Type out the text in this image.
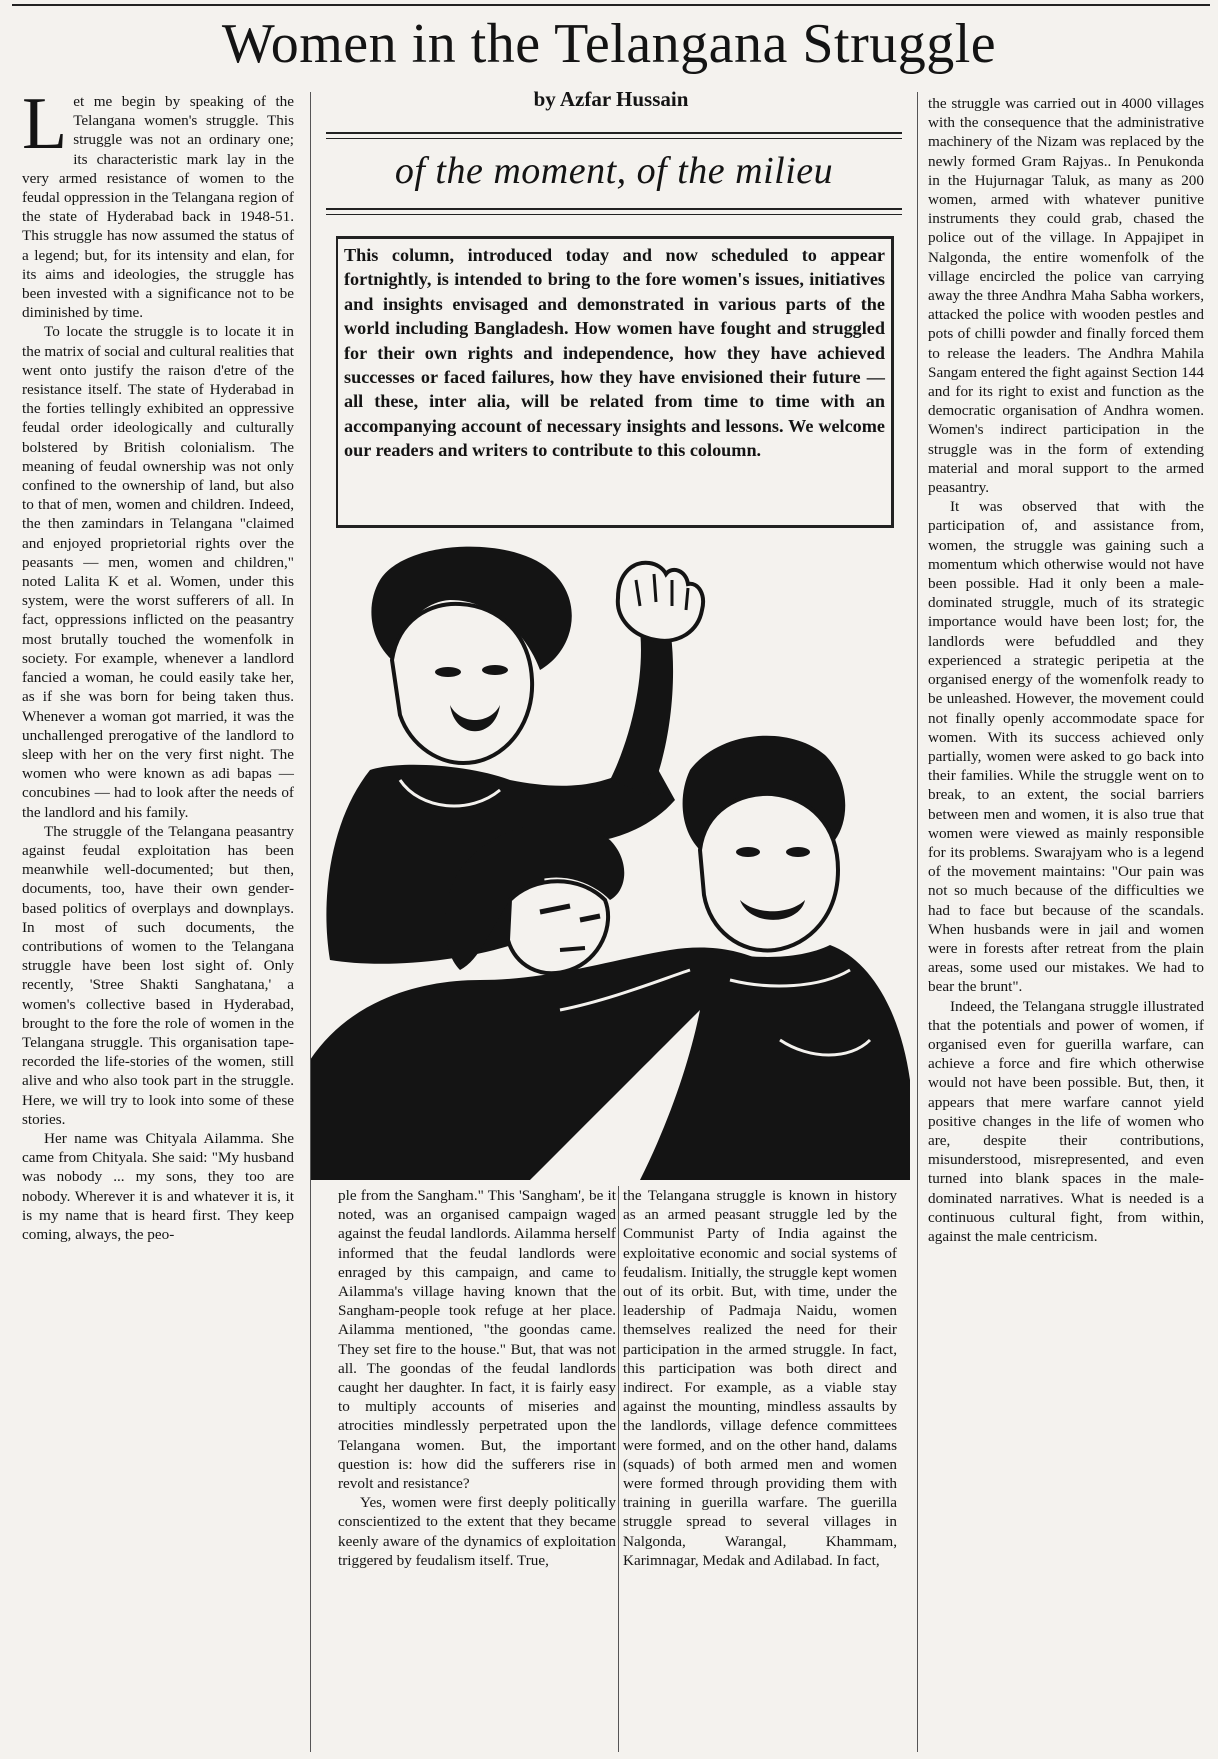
Women in the Telangana Struggle
L et me begin by speaking of the Telangana women's struggle. This struggle was not an ordinary one; its characteristic mark lay in the very armed resistance of women to the feudal oppression in the Telangana region of the state of Hyderabad back in 1948-51. This struggle has now assumed the status of a legend; but, for its intensity and elan, for its aims and ideologies, the struggle has been invested with a significance not to be diminished by time.

To locate the struggle is to locate it in the matrix of social and cultural realities that went onto justify the raison d'etre of the resistance itself. The state of Hyderabad in the forties tellingly exhibited an oppressive feudal order ideologically and culturally bolstered by British colonialism. The meaning of feudal ownership was not only confined to the ownership of land, but also to that of men, women and children. Indeed, the then zamindars in Telangana "claimed and enjoyed proprietorial rights over the peasants — men, women and children," noted Lalita K et al. Women, under this system, were the worst sufferers of all. In fact, oppressions inflicted on the peasantry most brutally touched the womenfolk in society. For example, whenever a landlord fancied a woman, he could easily take her, as if she was born for being taken thus. Whenever a woman got married, it was the unchallenged prerogative of the landlord to sleep with her on the very first night. The women who were known as adi bapas — concubines — had to look after the needs of the landlord and his family.

The struggle of the Telangana peasantry against feudal exploitation has been meanwhile well-documented; but then, documents, too, have their own gender-based politics of overplays and downplays. In most of such documents, the contributions of women to the Telangana struggle have been lost sight of. Only recently, 'Stree Shakti Sanghatana,' a women's collective based in Hyderabad, brought to the fore the role of women in the Telangana struggle. This organisation tape-recorded the life-stories of the women, still alive and who also took part in the struggle. Here, we will try to look into some of these stories.

Her name was Chityala Ailamma. She came from Chityala. She said: "My husband was nobody ... my sons, they too are nobody. Wherever it is and whatever it is, it is my name that is heard first. They keep coming, always, the peo-

by Azfar Hussain
of the moment, of the milieu

This column, introduced today and now scheduled to appear fortnightly, is intended to bring to the fore women's issues, initiatives and insights envisaged and demonstrated in various parts of the world including Bangladesh. How women have fought and struggled for their own rights and independence, how they have achieved successes or faced failures, how they have envisioned their future — all these, inter alia, will be related from time to time with an accompanying account of necessary insights and lessons. We welcome our readers and writers to contribute to this coloumn.

ple from the Sangham." This 'Sangham', be it noted, was an organised campaign waged against the feudal landlords. Ailamma herself informed that the feudal landlords were enraged by this campaign, and came to Ailamma's village having known that the Sangham-people took refuge at her place. Ailamma mentioned, "the goondas came. They set fire to the house." But, that was not all. The goondas of the feudal landlords caught her daughter. In fact, it is fairly easy to multiply accounts of miseries and atrocities mindlessly perpetrated upon the Telangana women. But, the important question is: how did the sufferers rise in revolt and resistance?

Yes, women were first deeply politically conscientized to the extent that they became keenly aware of the dynamics of exploitation triggered by feudalism itself. True,

the Telangana struggle is known in history as an armed peasant struggle led by the Communist Party of India against the exploitative economic and social systems of feudalism. Initially, the struggle kept women out of its orbit. But, with time, under the leadership of Padmaja Naidu, women themselves realized the need for their participation in the armed struggle. In fact, this participation was both direct and indirect. For example, as a viable stay against the mounting, mindless assaults by the landlords, village defence committees were formed, and on the other hand, dalams (squads) of both armed men and women were formed through providing them with training in guerilla warfare. The guerilla struggle spread to several villages in Nalgonda, Warangal, Khammam, Karimnagar, Medak and Adilabad. In fact,

the struggle was carried out in 4000 villages with the consequence that the administrative machinery of the Nizam was replaced by the newly formed Gram Rajyas.. In Penukonda in the Hujurnagar Taluk, as many as 200 women, armed with whatever punitive instruments they could grab, chased the police out of the village. In Appajipet in Nalgonda, the entire womenfolk of the village encircled the police van carrying away the three Andhra Maha Sabha workers, attacked the police with wooden pestles and pots of chilli powder and finally forced them to release the leaders. The Andhra Mahila Sangam entered the fight against Section 144 and for its right to exist and function as the democratic organisation of Andhra women. Women's indirect participation in the struggle was in the form of extending material and moral support to the armed peasantry.

It was observed that with the participation of, and assistance from, women, the struggle was gaining such a momentum which otherwise would not have been possible. Had it only been a male-dominated struggle, much of its strategic importance would have been lost; for, the landlords were befuddled and they experienced a strategic peripetia at the organised energy of the womenfolk ready to be unleashed. However, the movement could not finally openly accommodate space for women. With its success achieved only partially, women were asked to go back into their families. While the struggle went on to break, to an extent, the social barriers between men and women, it is also true that women were viewed as mainly responsible for its problems. Swarajyam who is a legend of the movement maintains: "Our pain was not so much because of the difficulties we had to face but because of the scandals. When husbands were in jail and women were in forests after retreat from the plain areas, some used our mistakes. We had to bear the brunt".

Indeed, the Telangana struggle illustrated that the potentials and power of women, if organised even for guerilla warfare, can achieve a force and fire which otherwise would not have been possible. But, then, it appears that mere warfare cannot yield positive changes in the life of women who are, despite their contributions, misunderstood, misrepresented, and even turned into blank spaces in the male-dominated narratives. What is needed is a continuous cultural fight, from within, against the male centricism.
